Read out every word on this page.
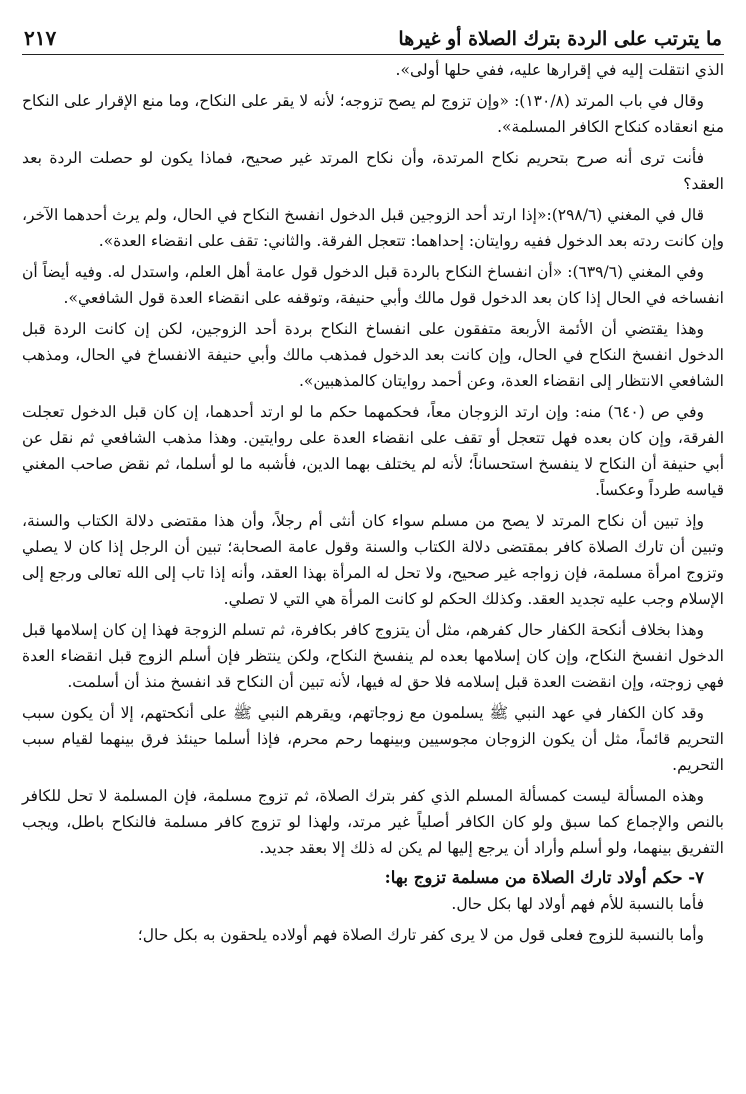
ما يترتب على الردة بترك الصلاة أو غيرها
٢١٧

الذي انتقلت إليه في إقرارها عليه، ففي حلها أولى».

وقال في باب المرتد (١٣٠/٨): «وإن تزوج لم يصح تزوجه؛ لأنه لا يقر على النكاح، وما منع الإقرار على النكاح منع انعقاده كنكاح الكافر المسلمة».

فأنت ترى أنه صرح بتحريم نكاح المرتدة، وأن نكاح المرتد غير صحيح، فماذا يكون لو حصلت الردة بعد العقد؟

قال في المغني (٢٩٨/٦):«إذا ارتد أحد الزوجين قبل الدخول انفسخ النكاح في الحال، ولم يرث أحدهما الآخر، وإن كانت ردته بعد الدخول ففيه روايتان: إحداهما: تتعجل الفرقة. والثاني: تقف على انقضاء العدة».

وفي المغني (٦٣٩/٦): «أن انفساخ النكاح بالردة قبل الدخول قول عامة أهل العلم، واستدل له. وفيه أيضاً أن انفساخه في الحال إذا كان بعد الدخول قول مالك وأبي حنيفة، وتوقفه على انقضاء العدة قول الشافعي».

وهذا يقتضي أن الأئمة الأربعة متفقون على انفساخ النكاح بردة أحد الزوجين، لكن إن كانت الردة قبل الدخول انفسخ النكاح في الحال، وإن كانت بعد الدخول فمذهب مالك وأبي حنيفة الانفساخ في الحال، ومذهب الشافعي الانتظار إلى انقضاء العدة، وعن أحمد روايتان كالمذهبين».

وفي ص (٦٤٠) منه: وإن ارتد الزوجان معاً، فحكمهما حكم ما لو ارتد أحدهما، إن كان قبل الدخول تعجلت الفرقة، وإن كان بعده فهل تتعجل أو تقف على انقضاء العدة على روايتين. وهذا مذهب الشافعي ثم نقل عن أبي حنيفة أن النكاح لا ينفسخ استحساناً؛ لأنه لم يختلف بهما الدين، فأشبه ما لو أسلما، ثم نقض صاحب المغني قياسه طرداً وعكساً.

وإذ تبين أن نكاح المرتد لا يصح من مسلم سواء كان أنثى أم رجلاً، وأن هذا مقتضى دلالة الكتاب والسنة، وتبين أن تارك الصلاة كافر بمقتضى دلالة الكتاب والسنة وقول عامة الصحابة؛ تبين أن الرجل إذا كان لا يصلي وتزوج امرأة مسلمة، فإن زواجه غير صحيح، ولا تحل له المرأة بهذا العقد، وأنه إذا تاب إلى الله تعالى ورجع إلى الإسلام وجب عليه تجديد العقد. وكذلك الحكم لو كانت المرأة هي التي لا تصلي.

وهذا بخلاف أنكحة الكفار حال كفرهم، مثل أن يتزوج كافر بكافرة، ثم تسلم الزوجة فهذا إن كان إسلامها قبل الدخول انفسخ النكاح، وإن كان إسلامها بعده لم ينفسخ النكاح، ولكن ينتظر فإن أسلم الزوج قبل انقضاء العدة فهي زوجته، وإن انقضت العدة قبل إسلامه فلا حق له فيها، لأنه تبين أن النكاح قد انفسخ منذ أن أسلمت.

وقد كان الكفار في عهد النبي ﷺ يسلمون مع زوجاتهم، ويقرهم النبي ﷺ على أنكحتهم، إلا أن يكون سبب التحريم قائماً، مثل أن يكون الزوجان مجوسيين وبينهما رحم محرم، فإذا أسلما حينئذ فرق بينهما لقيام سبب التحريم.

وهذه المسألة ليست كمسألة المسلم الذي كفر بترك الصلاة، ثم تزوج مسلمة، فإن المسلمة لا تحل للكافر بالنص والإجماع كما سبق ولو كان الكافر أصلياً غير مرتد، ولهذا لو تزوج كافر مسلمة فالنكاح باطل، ويجب التفريق بينهما، ولو أسلم وأراد أن يرجع إليها لم يكن له ذلك إلا بعقد جديد.

٧- حكم أولاد تارك الصلاة من مسلمة تزوج بها:

فأما بالنسبة للأم فهم أولاد لها بكل حال.

وأما بالنسبة للزوج فعلى قول من لا يرى كفر تارك الصلاة فهم أولاده يلحقون به بكل حال؛
